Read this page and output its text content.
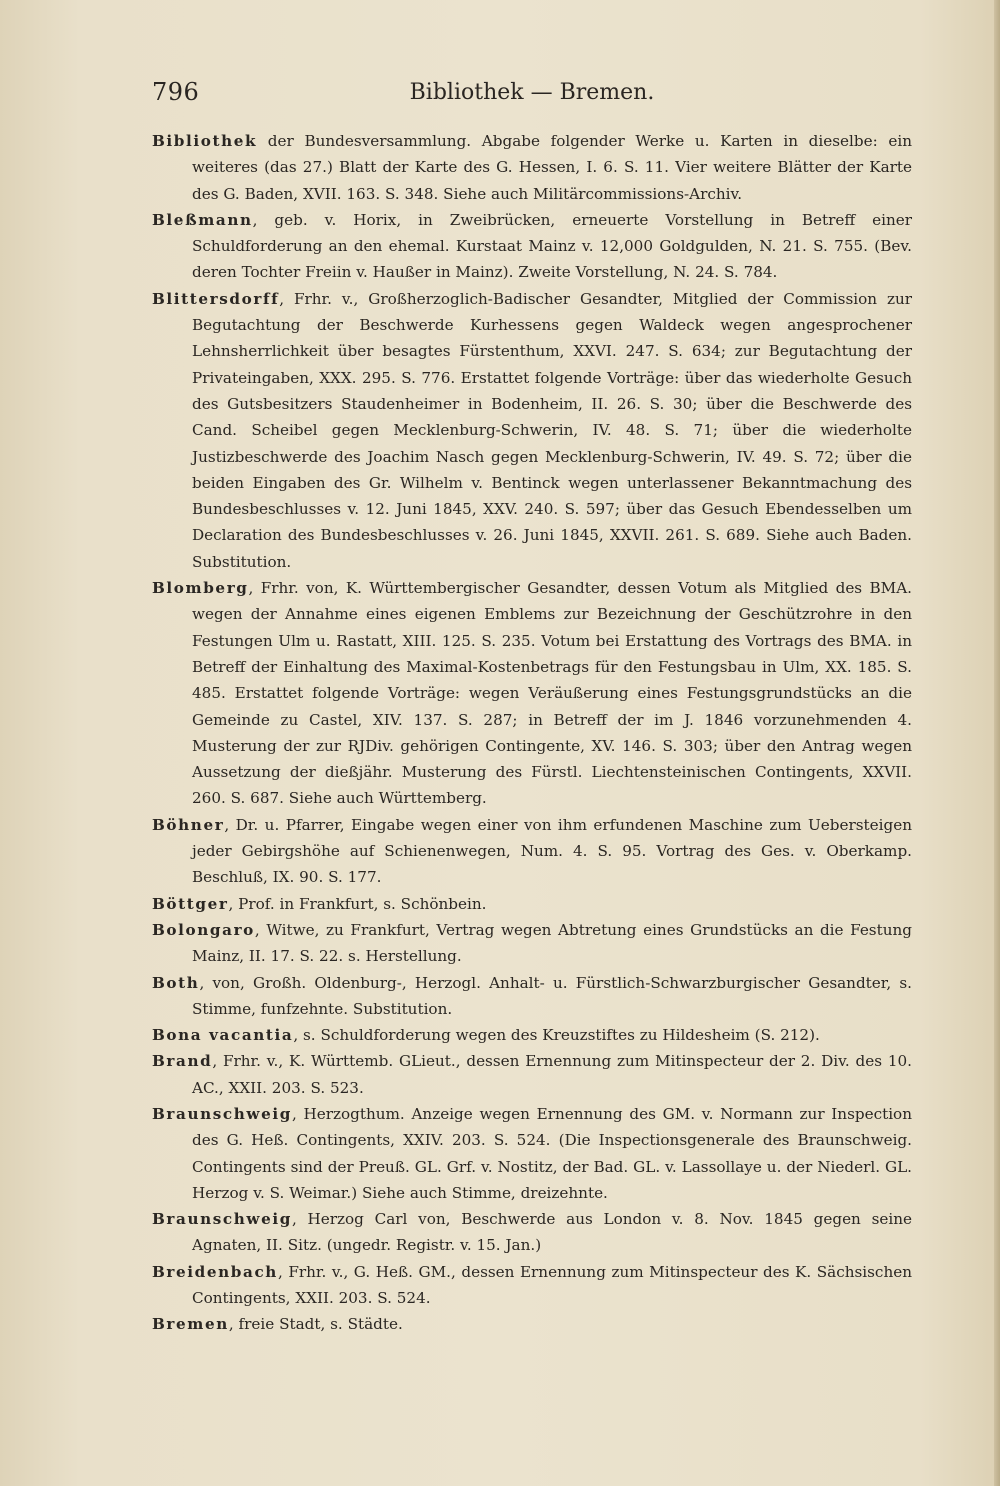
796	Bibliothek — Bremen.

Bibliothek der Bundesversammlung. Abgabe folgender Werke u. Karten in dieselbe: ein weiteres (das 27.) Blatt der Karte des G. Hessen, I. 6. S. 11. Vier weitere Blätter der Karte des G. Baden, XVII. 163. S. 348. Siehe auch Militärcommissions-Archiv.

Bleßmann, geb. v. Horix, in Zweibrücken, erneuerte Vorstellung in Betreff einer Schuldforderung an den ehemal. Kurstaat Mainz v. 12,000 Goldgulden, N. 21. S. 755. (Bev. deren Tochter Freiin v. Haußer in Mainz). Zweite Vorstellung, N. 24. S. 784.

Blittersdorff, Frhr. v., Großherzoglich-Badischer Gesandter, Mitglied der Commission zur Begutachtung der Beschwerde Kurhessens gegen Waldeck wegen angesprochener Lehnsherrlichkeit über besagtes Fürstenthum, XXVI. 247. S. 634; zur Begutachtung der Privateingaben, XXX. 295. S. 776. Erstattet folgende Vorträge: über das wiederholte Gesuch des Gutsbesitzers Staudenheimer in Bodenheim, II. 26. S. 30; über die Beschwerde des Cand. Scheibel gegen Mecklenburg-Schwerin, IV. 48. S. 71; über die wiederholte Justizbeschwerde des Joachim Nasch gegen Mecklenburg-Schwerin, IV. 49. S. 72; über die beiden Eingaben des Gr. Wilhelm v. Bentinck wegen unterlassener Bekanntmachung des Bundesbeschlusses v. 12. Juni 1845, XXV. 240. S. 597; über das Gesuch Ebendesselben um Declaration des Bundesbeschlusses v. 26. Juni 1845, XXVII. 261. S. 689. Siehe auch Baden. Substitution.

Blomberg, Frhr. von, K. Württembergischer Gesandter, dessen Votum als Mitglied des BMA. wegen der Annahme eines eigenen Emblems zur Bezeichnung der Geschützrohre in den Festungen Ulm u. Rastatt, XIII. 125. S. 235. Votum bei Erstattung des Vortrags des BMA. in Betreff der Einhaltung des Maximal-Kostenbetrags für den Festungsbau in Ulm, XX. 185. S. 485. Erstattet folgende Vorträge: wegen Veräußerung eines Festungsgrundstücks an die Gemeinde zu Castel, XIV. 137. S. 287; in Betreff der im J. 1846 vorzunehmenden 4. Musterung der zur RJDiv. gehörigen Contingente, XV. 146. S. 303; über den Antrag wegen Aussetzung der dießjähr. Musterung des Fürstl. Liechtensteinischen Contingents, XXVII. 260. S. 687. Siehe auch Württemberg.

Böhner, Dr. u. Pfarrer, Eingabe wegen einer von ihm erfundenen Maschine zum Uebersteigen jeder Gebirgshöhe auf Schienenwegen, Num. 4. S. 95. Vortrag des Ges. v. Oberkamp. Beschluß, IX. 90. S. 177.

Böttger, Prof. in Frankfurt, s. Schönbein.

Bolongaro, Witwe, zu Frankfurt, Vertrag wegen Abtretung eines Grundstücks an die Festung Mainz, II. 17. S. 22. s. Herstellung.

Both, von, Großh. Oldenburg-, Herzogl. Anhalt- u. Fürstlich-Schwarzburgischer Gesandter, s. Stimme, funfzehnte. Substitution.

Bona vacantia, s. Schuldforderung wegen des Kreuzstiftes zu Hildesheim (S. 212).

Brand, Frhr. v., K. Württemb. GLieut., dessen Ernennung zum Mitinspecteur der 2. Div. des 10. AC., XXII. 203. S. 523.

Braunschweig, Herzogthum. Anzeige wegen Ernennung des GM. v. Normann zur Inspection des G. Heß. Contingents, XXIV. 203. S. 524. (Die Inspectionsgenerale des Braunschweig. Contingents sind der Preuß. GL. Grf. v. Nostitz, der Bad. GL. v. Lassollaye u. der Niederl. GL. Herzog v. S. Weimar.) Siehe auch Stimme, dreizehnte.

Braunschweig, Herzog Carl von, Beschwerde aus London v. 8. Nov. 1845 gegen seine Agnaten, II. Sitz. (ungedr. Registr. v. 15. Jan.)

Breidenbach, Frhr. v., G. Heß. GM., dessen Ernennung zum Mitinspecteur des K. Sächsischen Contingents, XXII. 203. S. 524.

Bremen, freie Stadt, s. Städte.
